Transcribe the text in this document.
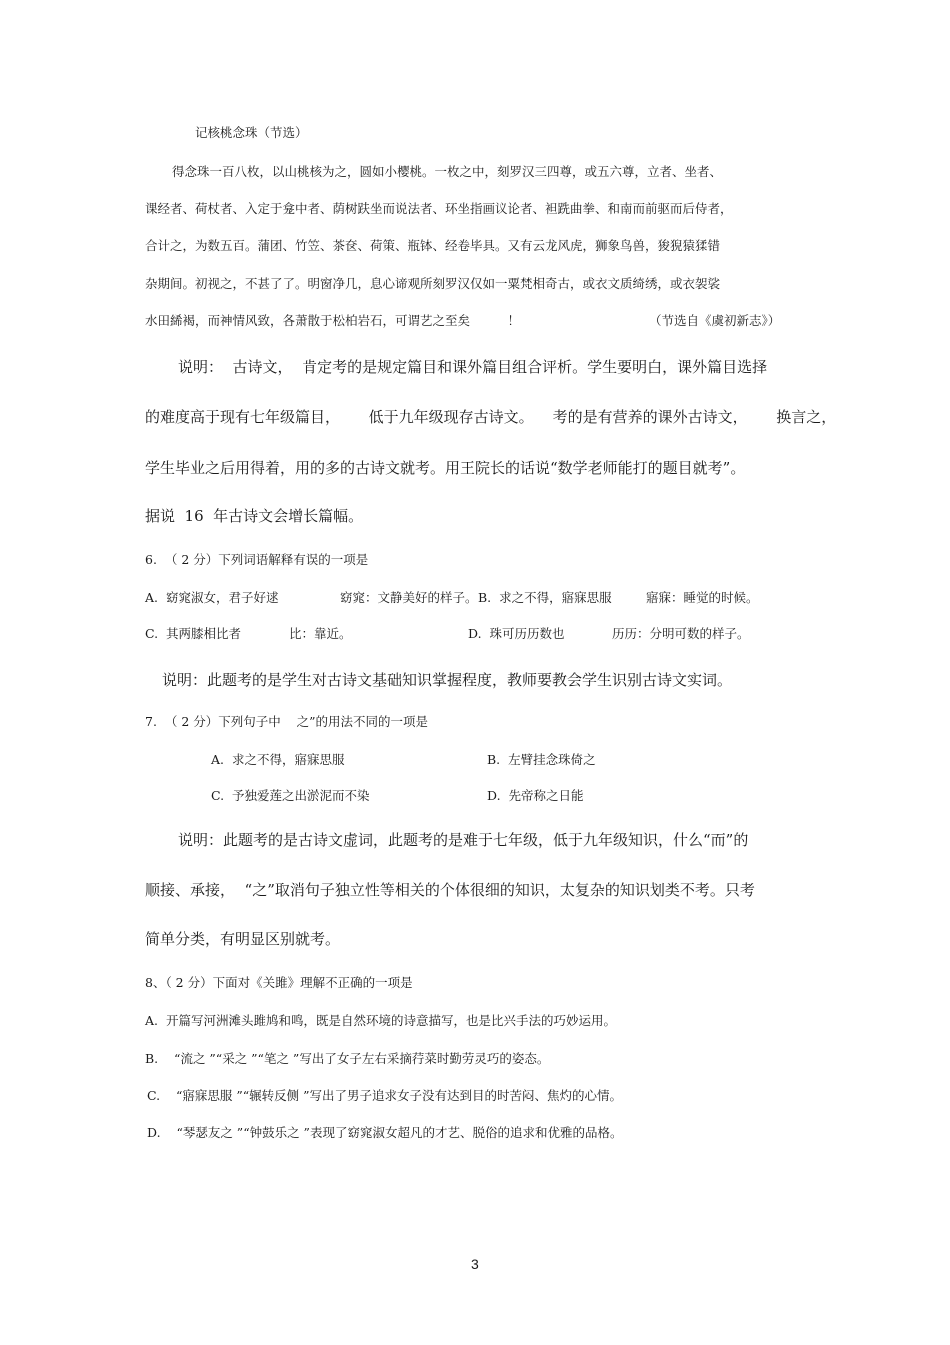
记核桃念珠（节选）
得念珠一百八枚，以山桃核为之，圆如小樱桃。一枚之中，刻罗汉三四尊，或五六尊，立者、坐者、
课经者、荷杖者、入定于龛中者、荫树趺坐而说法者、环坐指画议论者、袒跣曲拳、和南而前驱而后侍者，
合计之，为数五百。蒲团、竹笠、茶奁、荷策、瓶钵、经卷毕具。又有云龙风虎，狮象鸟兽，狻猊猿猱错
杂期间。初视之，不甚了了。明窗净几，息心谛观所刻罗汉仅如一粟梵相奇古，或衣文质绮绣，或衣袈裟
水田絺褐，而神情风致，各萧散于松柏岩石，可谓艺之至矣　　　！	（节选自《虞初新志》）
说明：  古诗文，  肯定考的是规定篇目和课外篇目组合评析。学生要明白，课外篇目选择
的难度高于现有七年级篇目，      低于九年级现存古诗文。    考的是有营养的课外古诗文，      换言之，
学生毕业之后用得着，用的多的古诗文就考。用王院长的话说“数学老师能打的题目就考”。
据说  16  年古诗文会增长篇幅。
6.  （ 2 分）下列词语解释有误的一项是
A.  窈窕淑女，君子好逑	窈窕：文静美好的样子。 B.  求之不得，寤寐思服	寤寐：睡觉的时候。
C.  其两膝相比者	比：靠近。	D.  珠可历历数也	历历：分明可数的样子。
说明：此题考的是学生对古诗文基础知识掌握程度，教师要教会学生识别古诗文实词。
7.  （ 2 分）下列句子中    之”的用法不同的一项是
A.  求之不得，寤寐思服	B.  左臂挂念珠倚之
C.  予独爱莲之出淤泥而不染	D.  先帝称之日能
说明：此题考的是古诗文虚词，此题考的是难于七年级，低于九年级知识，什么“而”的
顺接、承接，  “之”取消句子独立性等相关的个体很细的知识，太复杂的知识划类不考。只考
简单分类，有明显区别就考。
8、（ 2 分）下面对《关雎》理解不正确的一项是
A.  开篇写河洲滩头雎鸠和鸣，既是自然环境的诗意描写，也是比兴手法的巧妙运用。
B.    “流之 ”“采之 ”“笔之 ”写出了女子左右采摘荇菜时勤劳灵巧的姿态。
C.    “寤寐思服 ”“辗转反侧 ”写出了男子追求女子没有达到目的时苦闷、焦灼的心情。
D.    “琴瑟友之 ”“钟鼓乐之 ”表现了窈窕淑女超凡的才艺、脱俗的追求和优雅的品格。
3
